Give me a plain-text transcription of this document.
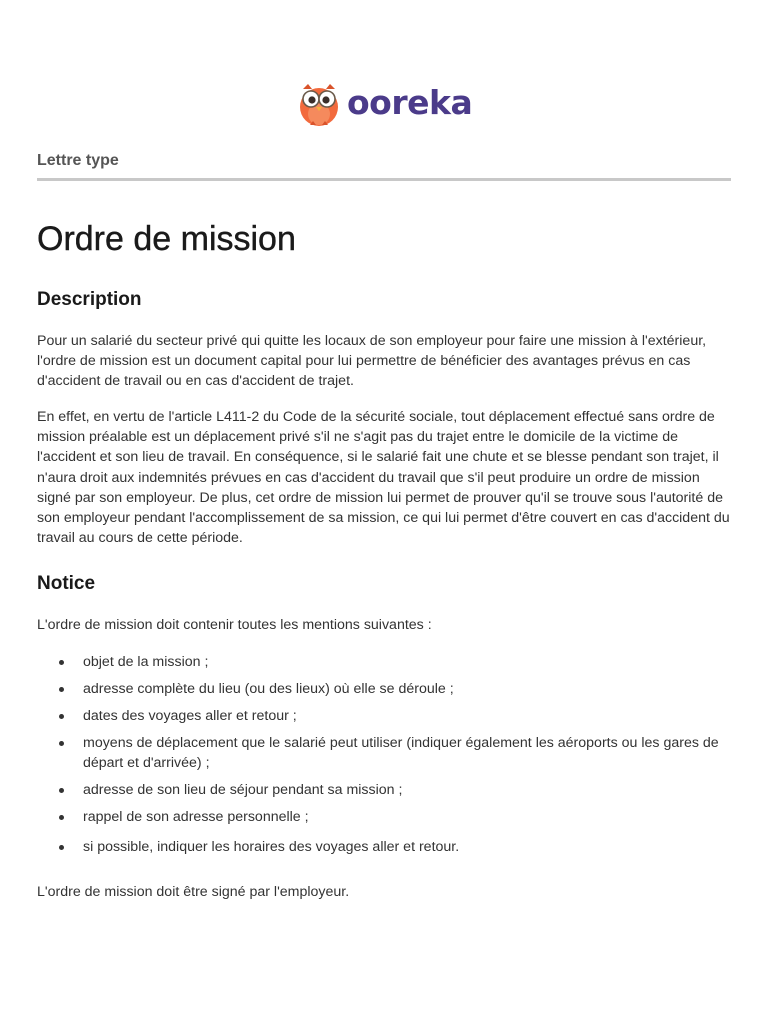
ooreka
Lettre type
Ordre de mission
Description

Pour un salarié du secteur privé qui quitte les locaux de son employeur pour faire une mission à l'extérieur, l'ordre de mission est un document capital pour lui permettre de bénéficier des avantages prévus en cas d'accident de travail ou en cas d'accident de trajet.

En effet, en vertu de l'article L411-2 du Code de la sécurité sociale, tout déplacement effectué sans ordre de mission préalable est un déplacement privé s'il ne s'agit pas du trajet entre le domicile de la victime de l'accident et son lieu de travail. En conséquence, si le salarié fait une chute et se blesse pendant son trajet, il n'aura droit aux indemnités prévues en cas d'accident du travail que s'il peut produire un ordre de mission signé par son employeur. De plus, cet ordre de mission lui permet de prouver qu'il se trouve sous l'autorité de son employeur pendant l'accomplissement de sa mission, ce qui lui permet d'être couvert en cas d'accident du travail au cours de cette période.

Notice

L'ordre de mission doit contenir toutes les mentions suivantes :

objet de la mission ;
adresse complète du lieu (ou des lieux) où elle se déroule ;
dates des voyages aller et retour ;
moyens de déplacement que le salarié peut utiliser (indiquer également les aéroports ou les gares de départ et d'arrivée) ;
adresse de son lieu de séjour pendant sa mission ;
rappel de son adresse personnelle ;
si possible, indiquer les horaires des voyages aller et retour.

L'ordre de mission doit être signé par l'employeur.
